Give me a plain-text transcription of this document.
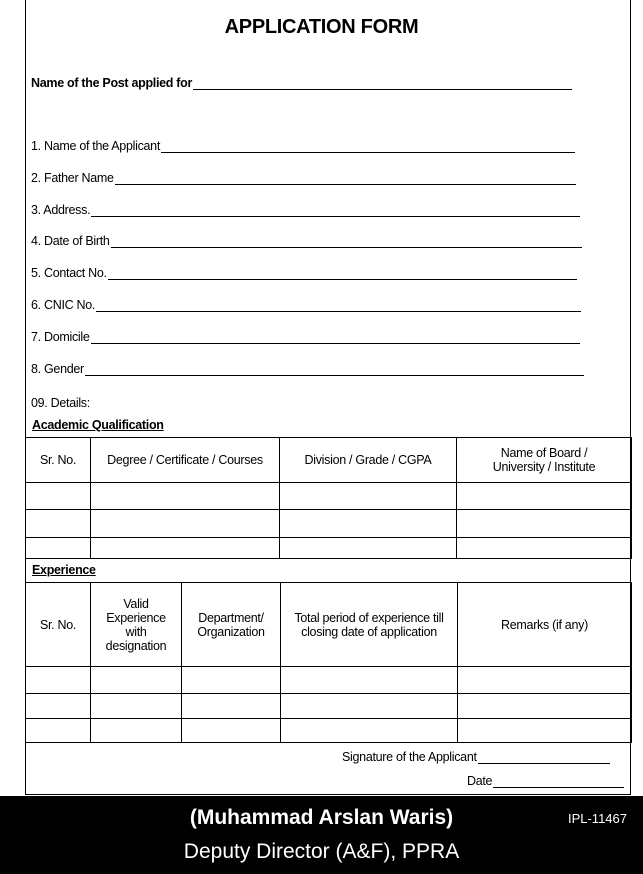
APPLICATION FORM
Name of the Post applied for
1. Name of the Applicant
2. Father Name
3. Address.
4. Date of Birth
5. Contact No.
6. CNIC No.
7. Domicile
8. Gender
09. Details:
Academic Qualification
Sr. No.	Degree / Certificate / Courses	Division / Grade / CGPA	Name of Board / University / Institute

Experience
Sr. No.	Valid Experience with designation	Department/ Organization	Total period of experience till closing date of application	Remarks (if any)

Signature of the Applicant
Date
(Muhammad Arslan Waris)
Deputy Director (A&F), PPRA
IPL-11467
